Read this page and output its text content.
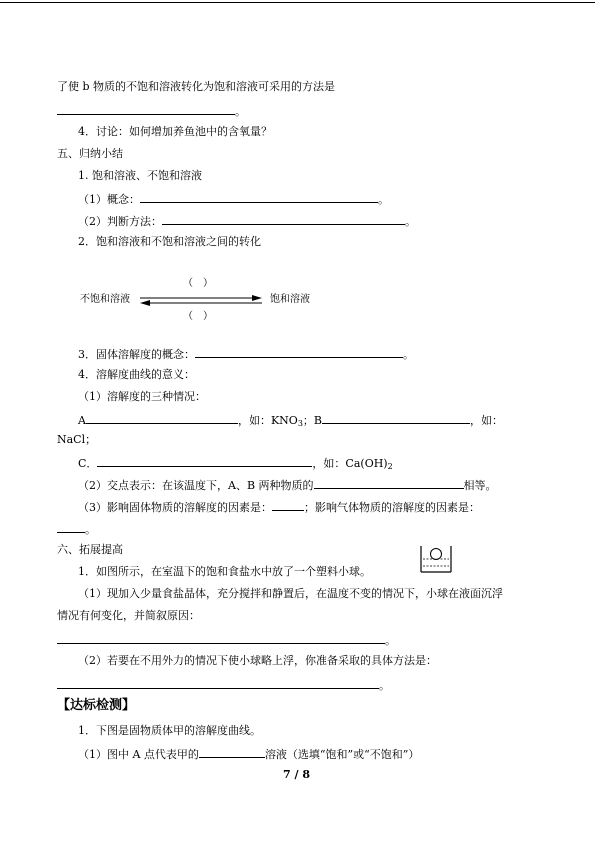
了使 b 物质的不饱和溶液转化为饱和溶液可采用的方法是
。
4．讨论：如何增加养鱼池中的含氧量？
五、归纳小结
1. 饱和溶液、不饱和溶液
（1）概念：	。
（2）判断方法：	。
2．饱和溶液和不饱和溶液之间的转化
（　）
不饱和溶液	饱和溶液
（　）
3．固体溶解度的概念：	。
4．溶解度曲线的意义：
（1）溶解度的三种情况：
A	，如：$KNO_3$；B	，如：
NaCl；
C．	，如：$Ca(OH)_2$
（2）交点表示：在该温度下，A、B 两种物质的	相等。
（3）影响固体物质的溶解度的因素是：	；影响气体物质的溶解度的因素是：
。
六、拓展提高
1．如图所示，在室温下的饱和食盐水中放了一个塑料小球。
（1）现加入少量食盐晶体，充分搅拌和静置后，在温度不变的情况下，小球在液面沉浮
情况有何变化，并简叙原因：
。
（2）若要在不用外力的情况下使小球略上浮，你准备采取的具体方法是：
。
【达标检测】
1．下图是固物质体甲的溶解度曲线。
（1）图中 A 点代表甲的	溶液（选填“饱和”或“不饱和”）
7 / 8
